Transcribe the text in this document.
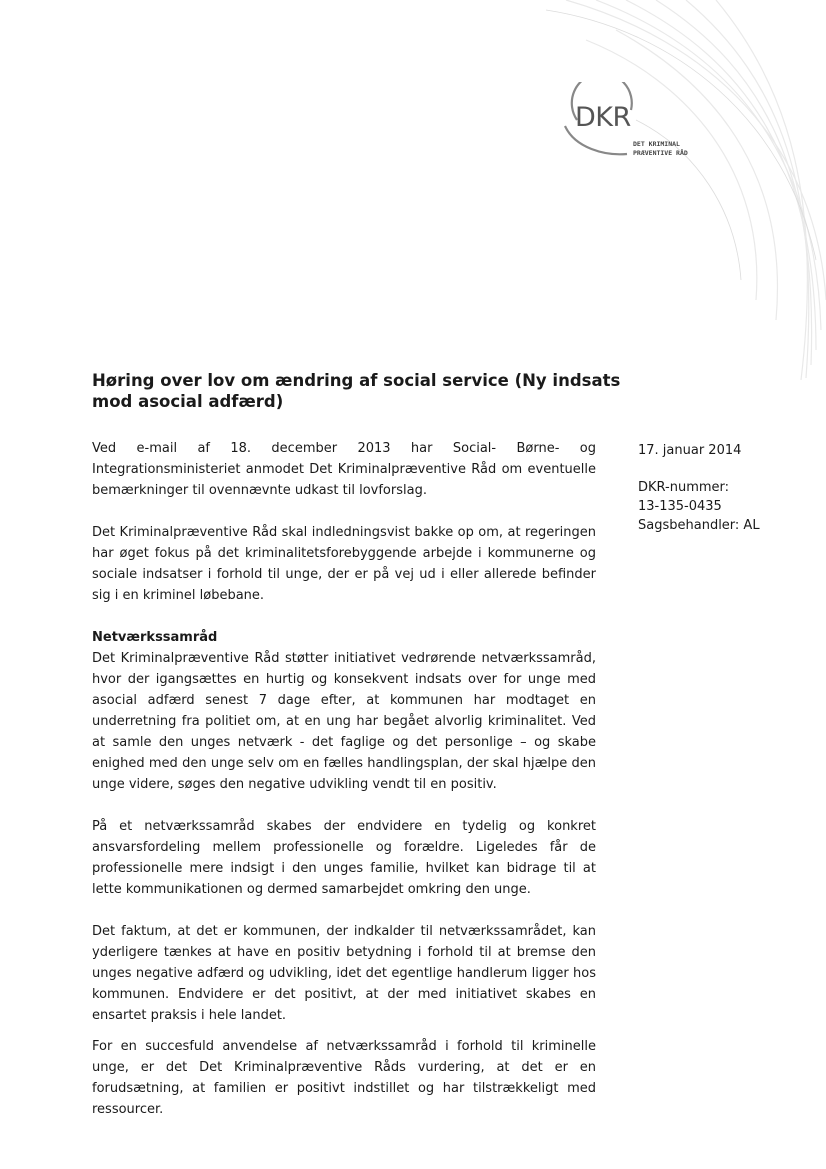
DKR
DET KRIMINAL
PRÆVENTIVE RÅD
Høring over lov om ændring af social service (Ny indsats mod asocial adfærd)
17. januar 2014
DKR-nummer:
13-135-0435
Sagsbehandler: AL

Ved e-mail af 18. december 2013 har Social- Børne- og Integrationsministeriet anmodet Det Kriminalpræventive Råd om eventuelle bemærkninger til ovennævnte udkast til lovforslag.

Det Kriminalpræventive Råd skal indledningsvist bakke op om, at regeringen har øget fokus på det kriminalitetsforebyggende arbejde i kommunerne og sociale indsatser i forhold til unge, der er på vej ud i eller allerede befinder sig i en kriminel løbebane.

Netværkssamråd

Det Kriminalpræventive Råd støtter initiativet vedrørende netværkssamråd, hvor der igangsættes en hurtig og konsekvent indsats over for unge med asocial adfærd senest 7 dage efter, at kommunen har modtaget en underretning fra politiet om, at en ung har begået alvorlig kriminalitet. Ved at samle den unges netværk - det faglige og det personlige – og skabe enighed med den unge selv om en fælles handlingsplan, der skal hjælpe den unge videre, søges den negative udvikling vendt til en positiv.

På et netværkssamråd skabes der endvidere en tydelig og konkret ansvarsfordeling mellem professionelle og forældre. Ligeledes får de professionelle mere indsigt i den unges familie, hvilket kan bidrage til at lette kommunikationen og dermed samarbejdet omkring den unge.

Det faktum, at det er kommunen, der indkalder til netværkssamrådet, kan yderligere tænkes at have en positiv betydning i forhold til at bremse den unges negative adfærd og udvikling, idet det egentlige handlerum ligger hos kommunen. Endvidere er det positivt, at der med initiativet skabes en ensartet praksis i hele landet.

For en succesfuld anvendelse af netværkssamråd i forhold til kriminelle unge, er det Det Kriminalpræventive Råds vurdering, at det er en forudsætning, at familien er positivt indstillet og har tilstrækkeligt med ressourcer.
